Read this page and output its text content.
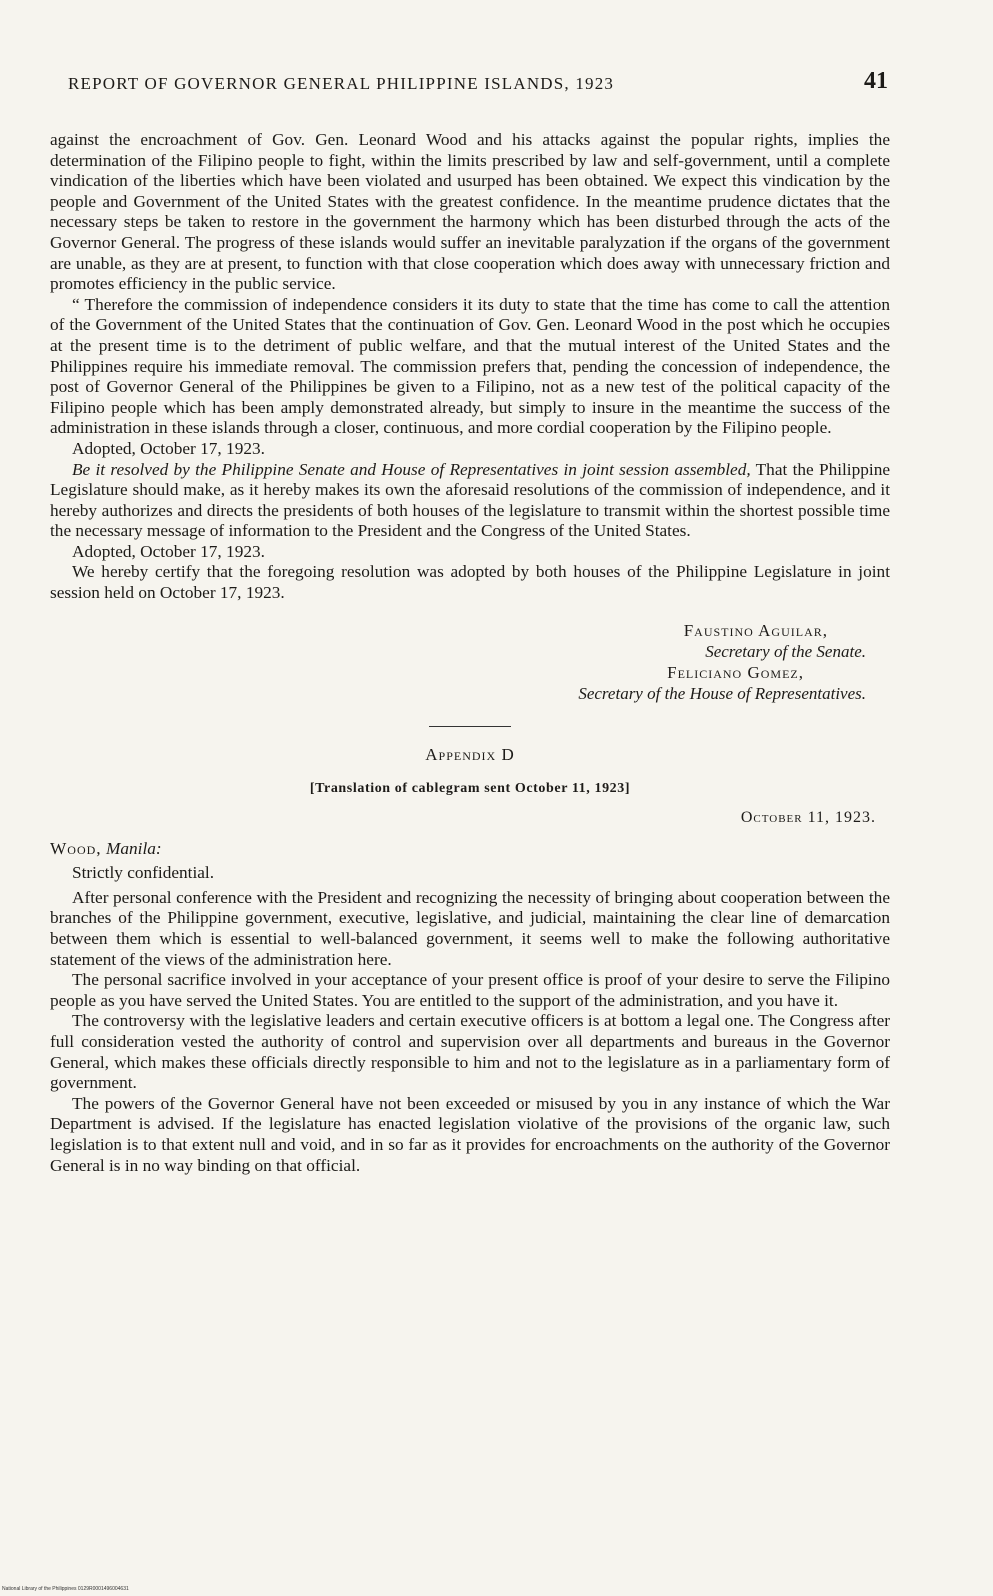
REPORT OF GOVERNOR GENERAL PHILIPPINE ISLANDS, 1923	41

against the encroachment of Gov. Gen. Leonard Wood and his attacks against the popular rights, implies the determination of the Filipino people to fight, within the limits prescribed by law and self-government, until a complete vindication of the liberties which have been violated and usurped has been obtained. We expect this vindication by the people and Government of the United States with the greatest confidence. In the meantime prudence dictates that the necessary steps be taken to restore in the government the harmony which has been disturbed through the acts of the Governor General. The progress of these islands would suffer an inevitable paralyzation if the organs of the government are unable, as they are at present, to function with that close cooperation which does away with unnecessary friction and promotes efficiency in the public service.

“ Therefore the commission of independence considers it its duty to state that the time has come to call the attention of the Government of the United States that the continuation of Gov. Gen. Leonard Wood in the post which he occupies at the present time is to the detriment of public welfare, and that the mutual interest of the United States and the Philippines require his immediate removal. The commission prefers that, pending the concession of independence, the post of Governor General of the Philippines be given to a Filipino, not as a new test of the political capacity of the Filipino people which has been amply demonstrated already, but simply to insure in the meantime the success of the administration in these islands through a closer, continuous, and more cordial cooperation by the Filipino people.

Adopted, October 17, 1923.

Be it resolved by the Philippine Senate and House of Representatives in joint session assembled, That the Philippine Legislature should make, as it hereby makes its own the aforesaid resolutions of the commission of independence, and it hereby authorizes and directs the presidents of both houses of the legislature to transmit within the shortest possible time the necessary message of information to the President and the Congress of the United States.

Adopted, October 17, 1923.

We hereby certify that the foregoing resolution was adopted by both houses of the Philippine Legislature in joint session held on October 17, 1923.

Faustino Aguilar,
Secretary of the Senate.
Feliciano Gomez,
Secretary of the House of Representatives.
Appendix D
[Translation of cablegram sent October 11, 1923]
October 11, 1923.

Wood, Manila:

Strictly confidential.

After personal conference with the President and recognizing the necessity of bringing about cooperation between the branches of the Philippine government, executive, legislative, and judicial, maintaining the clear line of demarcation between them which is essential to well-balanced government, it seems well to make the following authoritative statement of the views of the administration here.

The personal sacrifice involved in your acceptance of your present office is proof of your desire to serve the Filipino people as you have served the United States. You are entitled to the support of the administration, and you have it.

The controversy with the legislative leaders and certain executive officers is at bottom a legal one. The Congress after full consideration vested the authority of control and supervision over all departments and bureaus in the Governor General, which makes these officials directly responsible to him and not to the legislature as in a parliamentary form of government.

The powers of the Governor General have not been exceeded or misused by you in any instance of which the War Department is advised. If the legislature has enacted legislation violative of the provisions of the organic law, such legislation is to that extent null and void, and in so far as it provides for encroachments on the authority of the Governor General is in no way binding on that official.

National Library of the Philippines 0129R0001496004631
